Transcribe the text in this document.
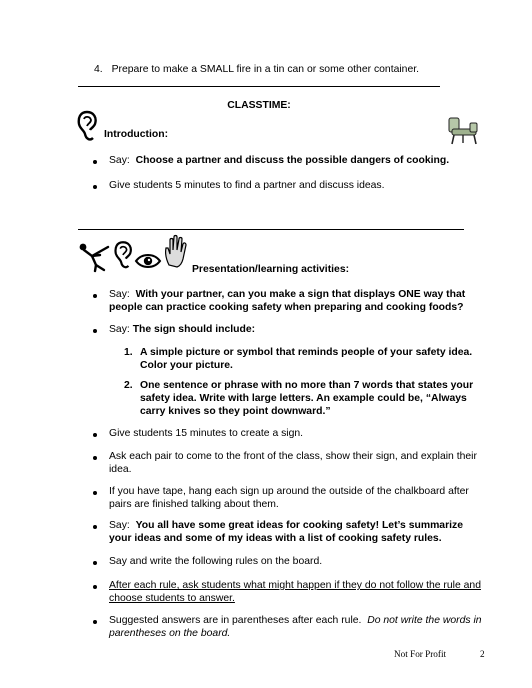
4. Prepare to make a SMALL fire in a tin can or some other container.
CLASSTIME:
Introduction:
Say: Choose a partner and discuss the possible dangers of cooking.
Give students 5 minutes to find a partner and discuss ideas.
Presentation/learning activities:
Say: With your partner, can you make a sign that displays ONE way that
people can practice cooking safety when preparing and cooking foods?
Say: The sign should include:
1. A simple picture or symbol that reminds people of your safety idea.
Color your picture.
2. One sentence or phrase with no more than 7 words that states your
safety idea. Write with large letters. An example could be, “Always
carry knives so they point downward.”
Give students 15 minutes to create a sign.
Ask each pair to come to the front of the class, show their sign, and explain their
idea.
If you have tape, hang each sign up around the outside of the chalkboard after
pairs are finished talking about them.
Say: You all have some great ideas for cooking safety! Let’s summarize
your ideas and some of my ideas with a list of cooking safety rules.
Say and write the following rules on the board.
After each rule, ask students what might happen if they do not follow the rule and
choose students to answer.
Suggested answers are in parentheses after each rule. Do not write the words in
parentheses on the board.
Not For Profit	2
